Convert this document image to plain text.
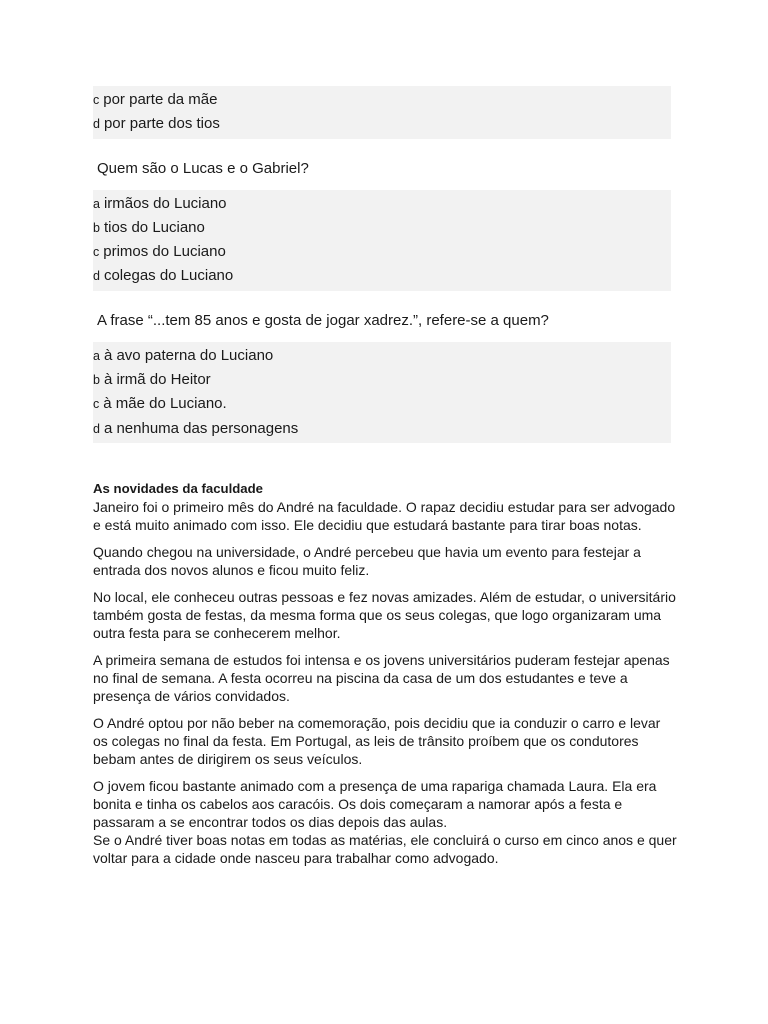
c por parte da mãe
d por parte dos tios
Quem são o Lucas e o Gabriel?
a irmãos do Luciano
b tios do Luciano
c primos do Luciano
d colegas do Luciano
A frase “...tem 85 anos e gosta de jogar xadrez.”, refere-se a quem?
a à avo paterna do Luciano
b à irmã do Heitor
c à mãe do Luciano.
d a nenhuma das personagens
As novidades da faculdade

Janeiro foi o primeiro mês do André na faculdade. O rapaz decidiu estudar para ser advogado e está muito animado com isso. Ele decidiu que estudará bastante para tirar boas notas.

Quando chegou na universidade, o André percebeu que havia um evento para festejar a entrada dos novos alunos e ficou muito feliz.

No local, ele conheceu outras pessoas e fez novas amizades. Além de estudar, o universitário também gosta de festas, da mesma forma que os seus colegas, que logo organizaram uma outra festa para se conhecerem melhor.

A primeira semana de estudos foi intensa e os jovens universitários puderam festejar apenas no final de semana. A festa ocorreu na piscina da casa de um dos estudantes e teve a presença de vários convidados.

O André optou por não beber na comemoração, pois decidiu que ia conduzir o carro e levar os colegas no final da festa. Em Portugal, as leis de trânsito proíbem que os condutores bebam antes de dirigirem os seus veículos.

O jovem ficou bastante animado com a presença de uma rapariga chamada Laura. Ela era bonita e tinha os cabelos aos caracóis. Os dois começaram a namorar após a festa e passaram a se encontrar todos os dias depois das aulas.

Se o André tiver boas notas em todas as matérias, ele concluirá o curso em cinco anos e quer voltar para a cidade onde nasceu para trabalhar como advogado.
